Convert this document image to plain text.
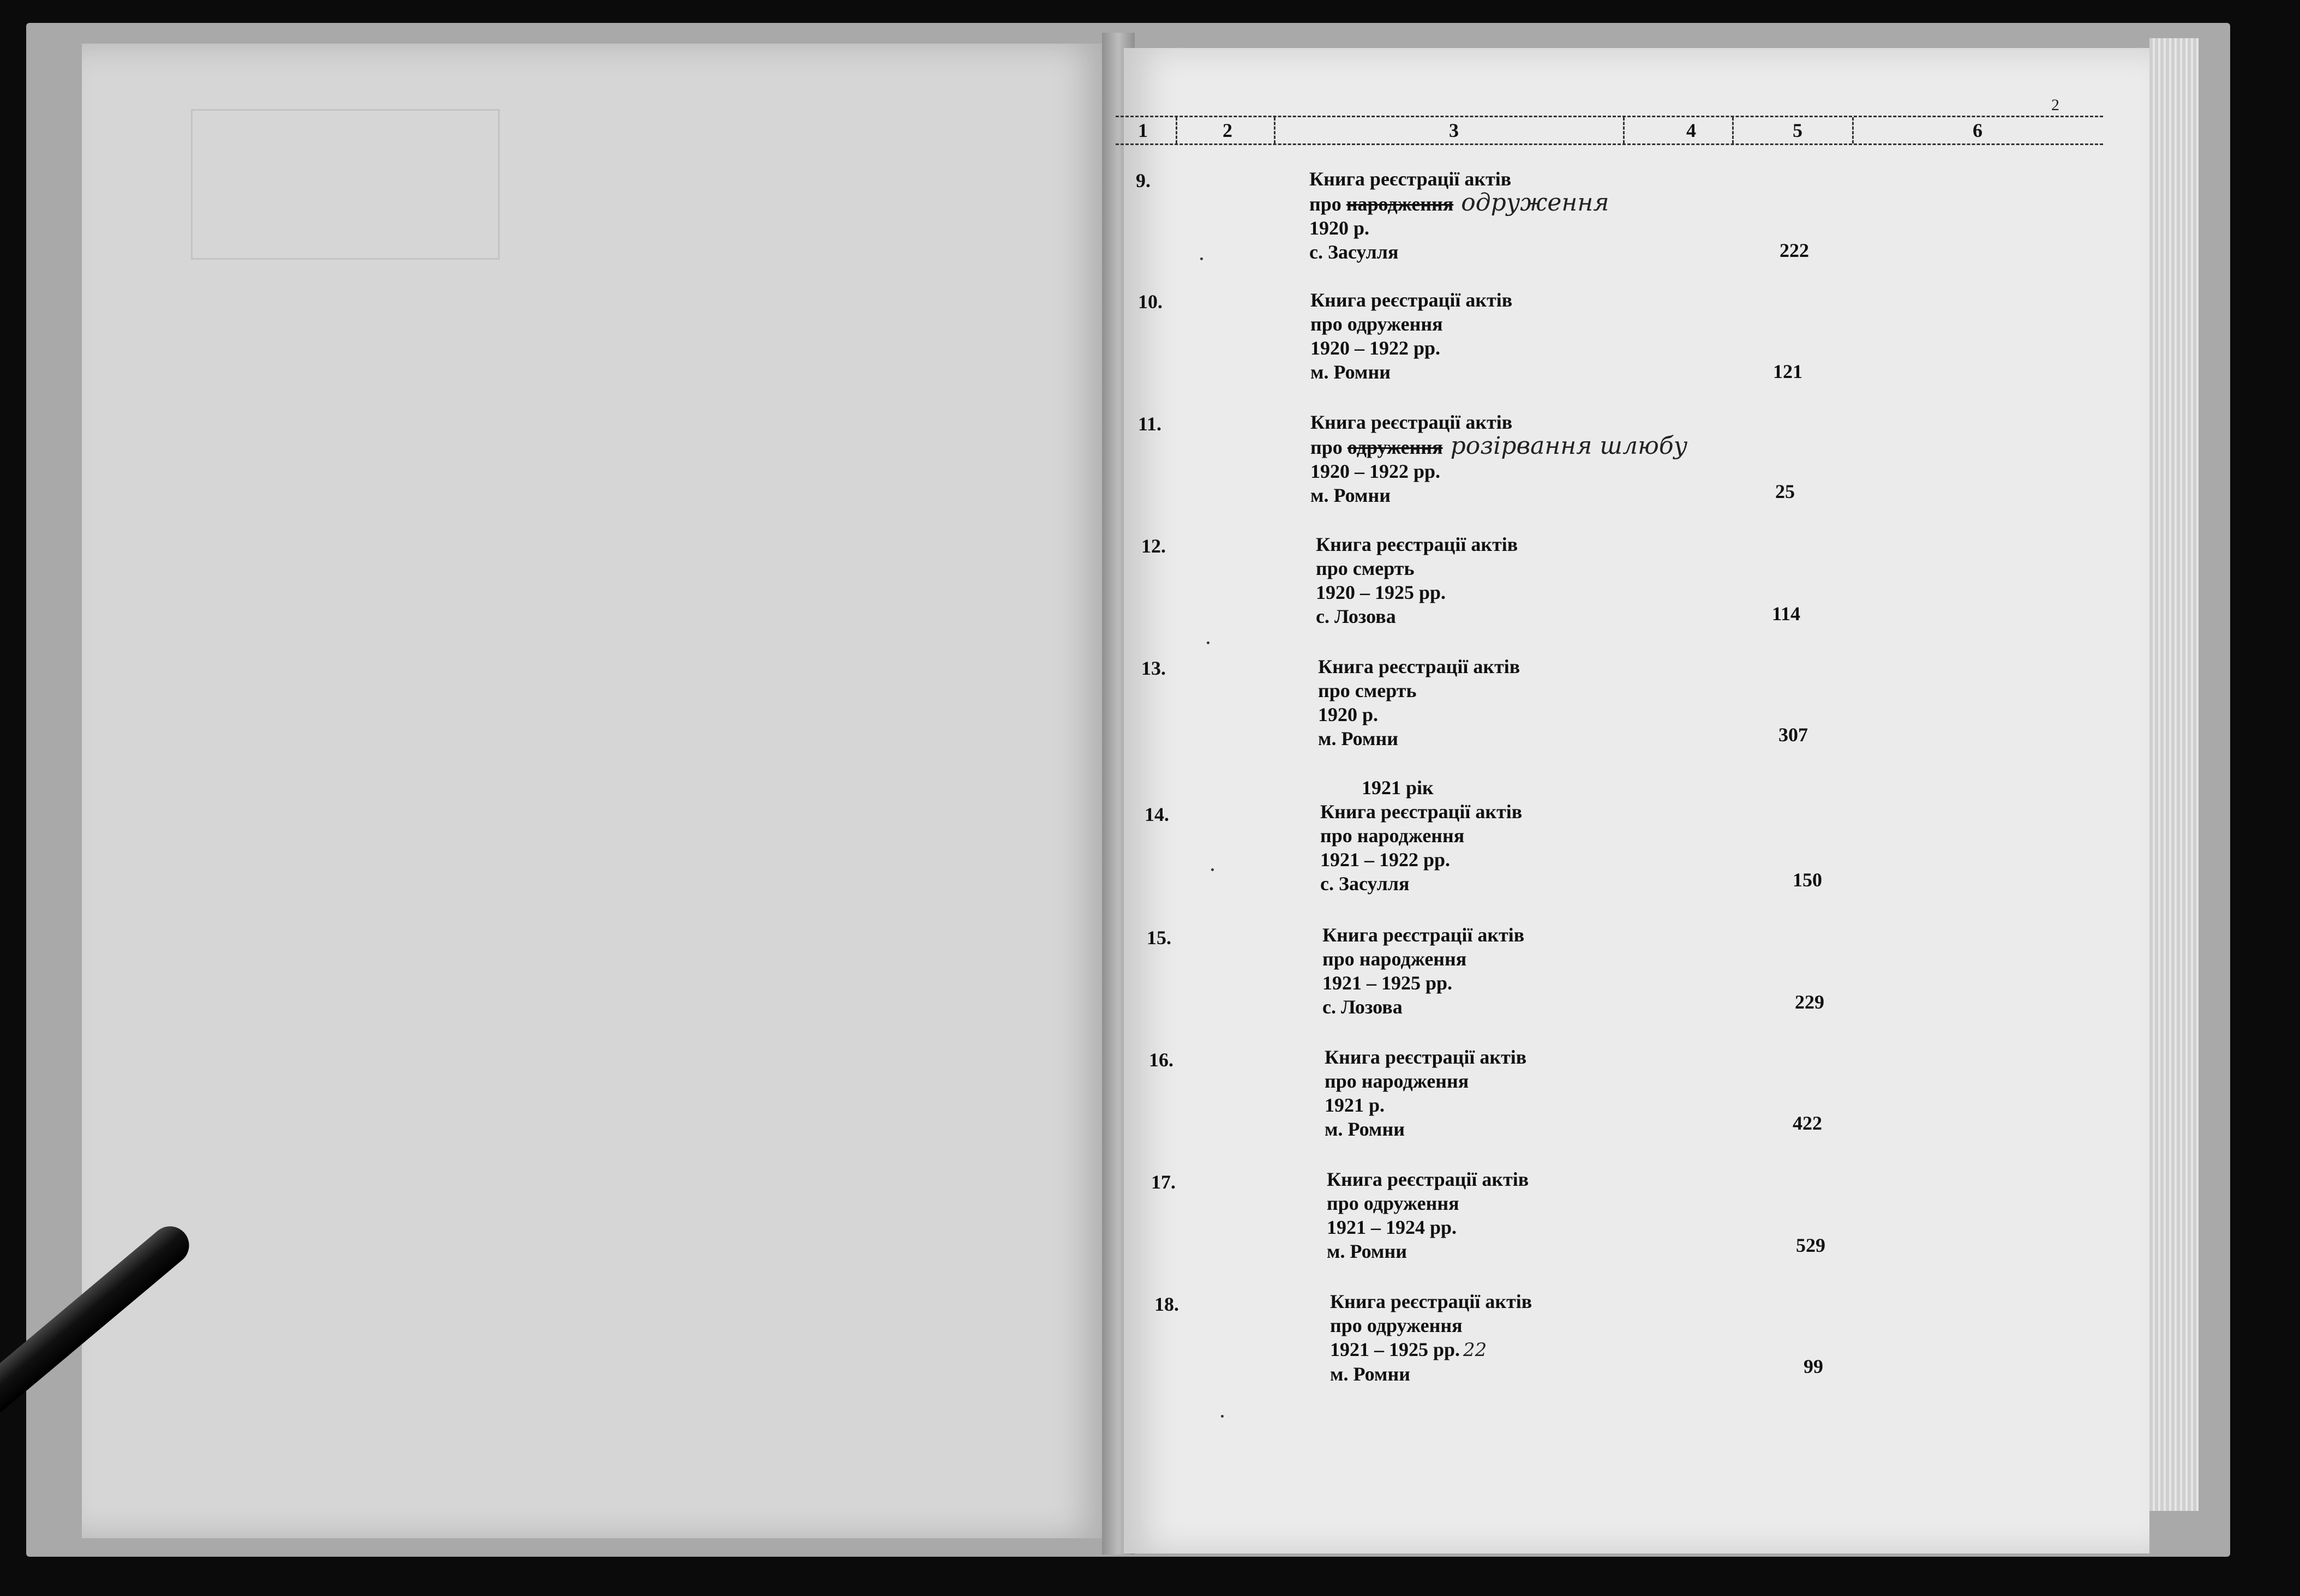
2
1	2	3	4	5	6
9.	Книга реєстрації актів
про народження одруження
1920 р.
с. Засулля	222
10.	Книга реєстрації актів
про одруження
1920 – 1922 рр.
м. Ромни	121
11.	Книга реєстрації актів
про одруження розірвання шлюбу
1920 – 1922 рр.
м. Ромни	25
12.	Книга реєстрації актів
про смерть
1920 – 1925 рр.
с. Лозова	114
13.	Книга реєстрації актів
про смерть
1920 р.
м. Ромни	307
1921 рік
14.	Книга реєстрації актів
про народження
1921 – 1922 рр.
с. Засулля	150
15.	Книга реєстрації актів
про народження
1921 – 1925 рр.
с. Лозова	229
16.	Книга реєстрації актів
про народження
1921 р.
м. Ромни	422
17.	Книга реєстрації актів
про одруження
1921 – 1924 рр.
м. Ромни	529
18.	Книга реєстрації актів
про одруження
1921 – 1925 рр. 22
м. Ромни	99
